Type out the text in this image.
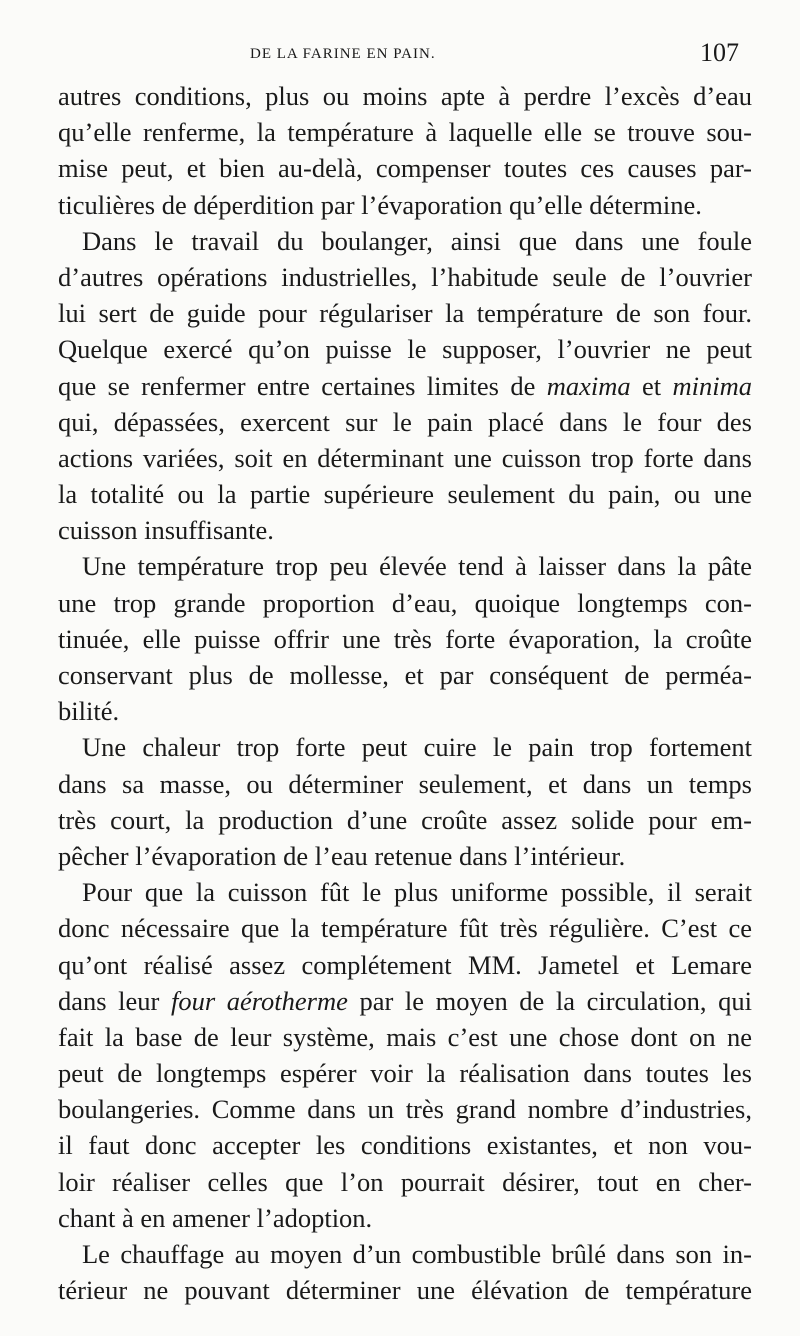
DE LA FARINE EN PAIN.	107
autres conditions, plus ou moins apte à perdre l’excès d’eau
qu’elle renferme, la température à laquelle elle se trouve sou-
mise peut, et bien au-delà, compenser toutes ces causes par-
ticulières de déperdition par l’évaporation qu’elle détermine.
Dans le travail du boulanger, ainsi que dans une foule
d’autres opérations industrielles, l’habitude seule de l’ouvrier
lui sert de guide pour régulariser la température de son four.
Quelque exercé qu’on puisse le supposer, l’ouvrier ne peut
que se renfermer entre certaines limites de maxima et minima
qui, dépassées, exercent sur le pain placé dans le four des
actions variées, soit en déterminant une cuisson trop forte dans
la totalité ou la partie supérieure seulement du pain, ou une
cuisson insuffisante.
Une température trop peu élevée tend à laisser dans la pâte
une trop grande proportion d’eau, quoique longtemps con-
tinuée, elle puisse offrir une très forte évaporation, la croûte
conservant plus de mollesse, et par conséquent de perméa-
bilité.
Une chaleur trop forte peut cuire le pain trop fortement
dans sa masse, ou déterminer seulement, et dans un temps
très court, la production d’une croûte assez solide pour em-
pêcher l’évaporation de l’eau retenue dans l’intérieur.
Pour que la cuisson fût le plus uniforme possible, il serait
donc nécessaire que la température fût très régulière. C’est ce
qu’ont réalisé assez complétement MM. Jametel et Lemare
dans leur four aérotherme par le moyen de la circulation, qui
fait la base de leur système, mais c’est une chose dont on ne
peut de longtemps espérer voir la réalisation dans toutes les
boulangeries. Comme dans un très grand nombre d’industries,
il faut donc accepter les conditions existantes, et non vou-
loir réaliser celles que l’on pourrait désirer, tout en cher-
chant à en amener l’adoption.
Le chauffage au moyen d’un combustible brûlé dans son in-
térieur ne pouvant déterminer une élévation de température
